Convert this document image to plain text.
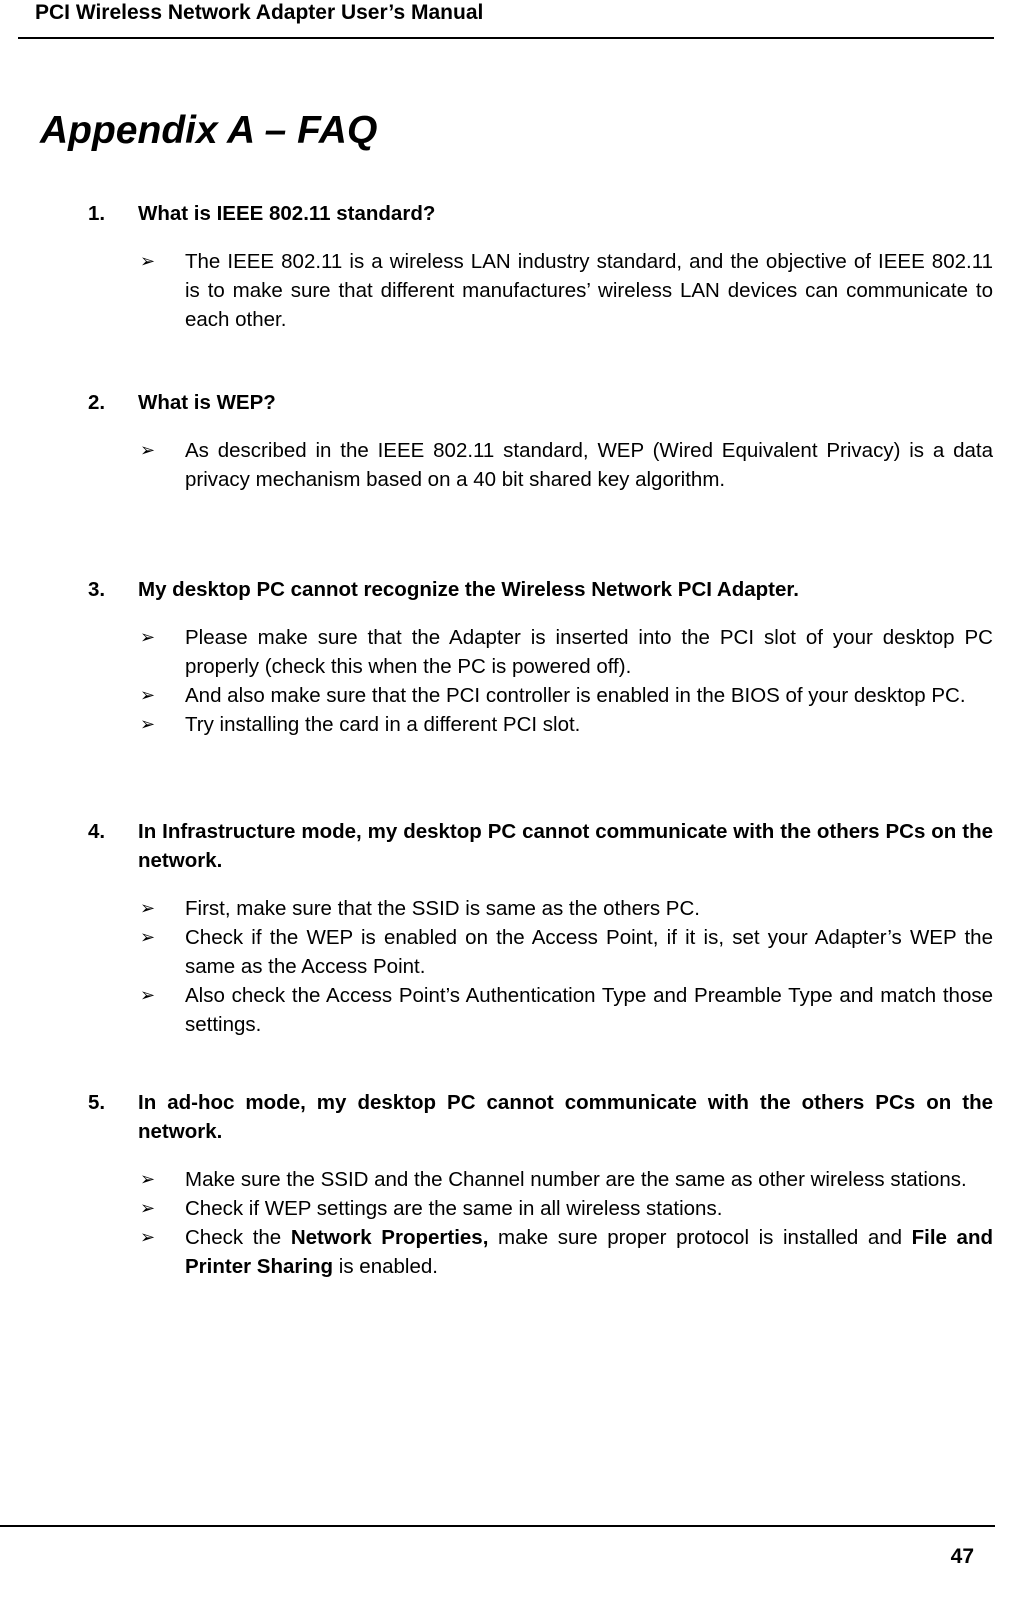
PCI Wireless Network Adapter User’s Manual
Appendix A – FAQ
1. What is IEEE 802.11 standard?

➢ The IEEE 802.11 is a wireless LAN industry standard, and the objective of IEEE 802.11 is to make sure that different manufactures’ wireless LAN devices can communicate to each other.

2. What is WEP?

➢ As described in the IEEE 802.11 standard, WEP (Wired Equivalent Privacy) is a data privacy mechanism based on a 40 bit shared key algorithm.

3. My desktop PC cannot recognize the Wireless Network PCI Adapter.

➢ Please make sure that the Adapter is inserted into the PCI slot of your desktop PC properly (check this when the PC is powered off).

➢ And also make sure that the PCI controller is enabled in the BIOS of your desktop PC.

➢ Try installing the card in a different PCI slot.

4. In Infrastructure mode, my desktop PC cannot communicate with the others PCs on the network.

➢ First, make sure that the SSID is same as the others PC.

➢ Check if the WEP is enabled on the Access Point, if it is, set your Adapter’s WEP the same as the Access Point.

➢ Also check the Access Point’s Authentication Type and Preamble Type and match those settings.

5. In ad-hoc mode, my desktop PC cannot communicate with the others PCs on the network.

➢ Make sure the SSID and the Channel number are the same as other wireless stations.

➢ Check if WEP settings are the same in all wireless stations.

➢ Check the Network Properties, make sure proper protocol is installed and File and Printer Sharing is enabled.

47
